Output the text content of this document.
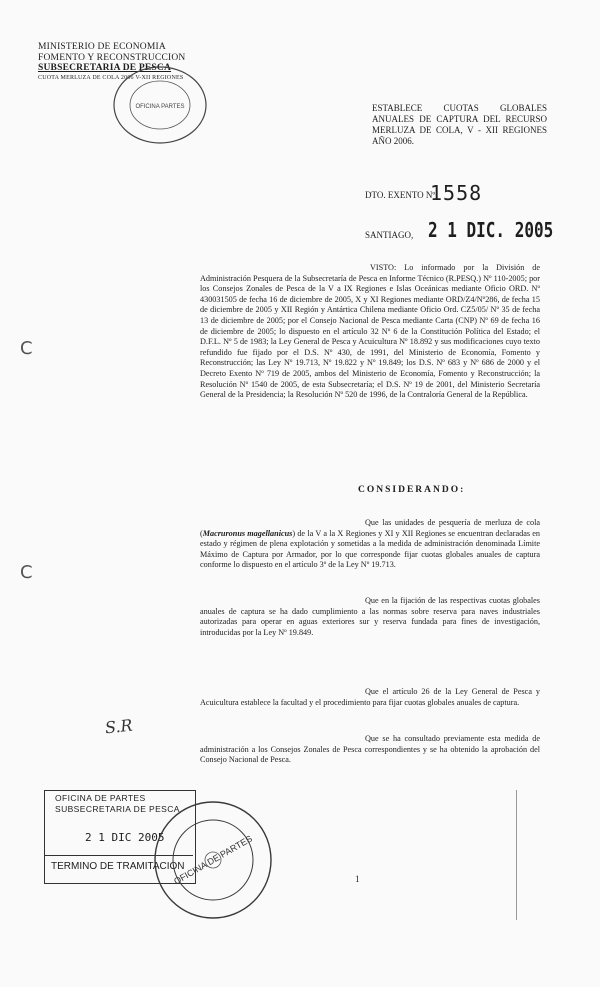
MINISTERIO DE ECONOMIA
FOMENTO Y RECONSTRUCCION
SUBSECRETARIA DE PESCA
CUOTA MERLUZA DE COLA 2006 V-XII REGIONES
OFICINA PARTES	ESTABLECE CUOTAS GLOBALES ANUALES DE CAPTURA DEL RECURSO MERLUZA DE COLA, V - XII REGIONES AÑO 2006.
DTO. EXENTO Nº
1558
SANTIAGO, 2 1 DIC. 2005
VISTO: Lo informado por la División de Administración Pesquera de la Subsecretaría de Pesca en Informe Técnico (R.PESQ.) Nº 110-2005; por los Consejos Zonales de Pesca de la V a IX Regiones e Islas Oceánicas mediante Oficio ORD. Nº 430031505 de fecha 16 de diciembre de 2005, X y XI Regiones mediante ORD/Z4/Nº286, de fecha 15 de diciembre de 2005 y XII Región y Antártica Chilena mediante Oficio Ord. CZ5/05/ Nº 35 de fecha 13 de diciembre de 2005; por el Consejo Nacional de Pesca mediante Carta (CNP) Nº 69 de fecha 16 de diciembre de 2005; lo dispuesto en el artículo 32 Nº 6 de la Constitución Política del Estado; el D.F.L. Nº 5 de 1983; la Ley General de Pesca y Acuicultura Nº 18.892 y sus modificaciones cuyo texto refundido fue fijado por el D.S. Nº 430, de 1991, del Ministerio de Economía, Fomento y Reconstrucción; las Ley Nº 19.713, Nº 19.822 y Nº 19.849; los D.S. Nº 683 y Nº 686 de 2000 y el Decreto Exento Nº 719 de 2005, ambos del Ministerio de Economía, Fomento y Reconstrucción; la Resolución Nº 1540 de 2005, de esta Subsecretaría; el D.S. Nº 19 de 2001, del Ministerio Secretaría General de la Presidencia; la Resolución Nº 520 de 1996, de la Contraloría General de la República.
C
C
CONSIDERANDO:
Que las unidades de pesquería de merluza de cola (Macruronus magellanicus) de la V a la X Regiones y XI y XII Regiones se encuentran declaradas en estado y régimen de plena explotación y sometidas a la medida de administración denominada Límite Máximo de Captura por Armador, por lo que corresponde fijar cuotas globales anuales de captura conforme lo dispuesto en el artículo 3º de la Ley Nº 19.713.
Que en la fijación de las respectivas cuotas globales anuales de captura se ha dado cumplimiento a las normas sobre reserva para naves industriales autorizadas para operar en aguas exteriores sur y reserva fundada para fines de investigación, introducidas por la Ley Nº 19.849.
Que el artículo 26 de la Ley General de Pesca y Acuicultura establece la facultad y el procedimiento para fijar cuotas globales anuales de captura.
Que se ha consultado previamente esta medida de administración a los Consejos Zonales de Pesca correspondientes y se ha obtenido la aprobación del Consejo Nacional de Pesca.
S.R
OFICINA DE PARTES
SUBSECRETARIA DE PESCA
2 1 DIC 2005
TERMINO DE TRAMITACION
OFICINA DE PARTES	1
